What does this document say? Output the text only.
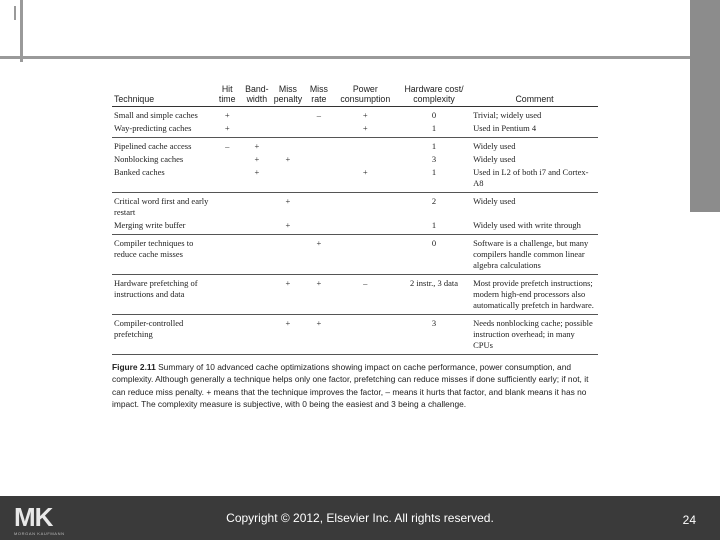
Technique	Hit time	Band- width	Miss penalty	Miss rate	Power consumption	Hardware cost/ complexity	Comment
Small and simple caches	+			–	+	0	Trivial; widely used
Way-predicting caches	+				+	1	Used in Pentium 4
Pipelined cache access	–	+				1	Widely used
Nonblocking caches		+	+			3	Widely used
Banked caches		+			+	1	Used in L2 of both i7 and Cortex-A8
Critical word first and early restart			+			2	Widely used
Merging write buffer			+			1	Widely used with write through
Compiler techniques to reduce cache misses				+		0	Software is a challenge, but many compilers handle common linear algebra calculations
Hardware prefetching of instructions and data			+	+	–	2 instr., 3 data	Most provide prefetch instructions; modern high-end processors also automatically prefetch in hardware.
Compiler-controlled prefetching			+	+		3	Needs nonblocking cache; possible instruction overhead; in many CPUs
Figure 2.11 Summary of 10 advanced cache optimizations showing impact on cache performance, power consumption, and complexity. Although generally a technique helps only one factor, prefetching can reduce misses if done sufficiently early; if not, it can reduce miss penalty. + means that the technique improves the factor, – means it hurts that factor, and blank means it has no impact. The complexity measure is subjective, with 0 being the easiest and 3 being a challenge.
MK
MORGAN KAUFMANN
Copyright © 2012, Elsevier Inc. All rights reserved.	24
